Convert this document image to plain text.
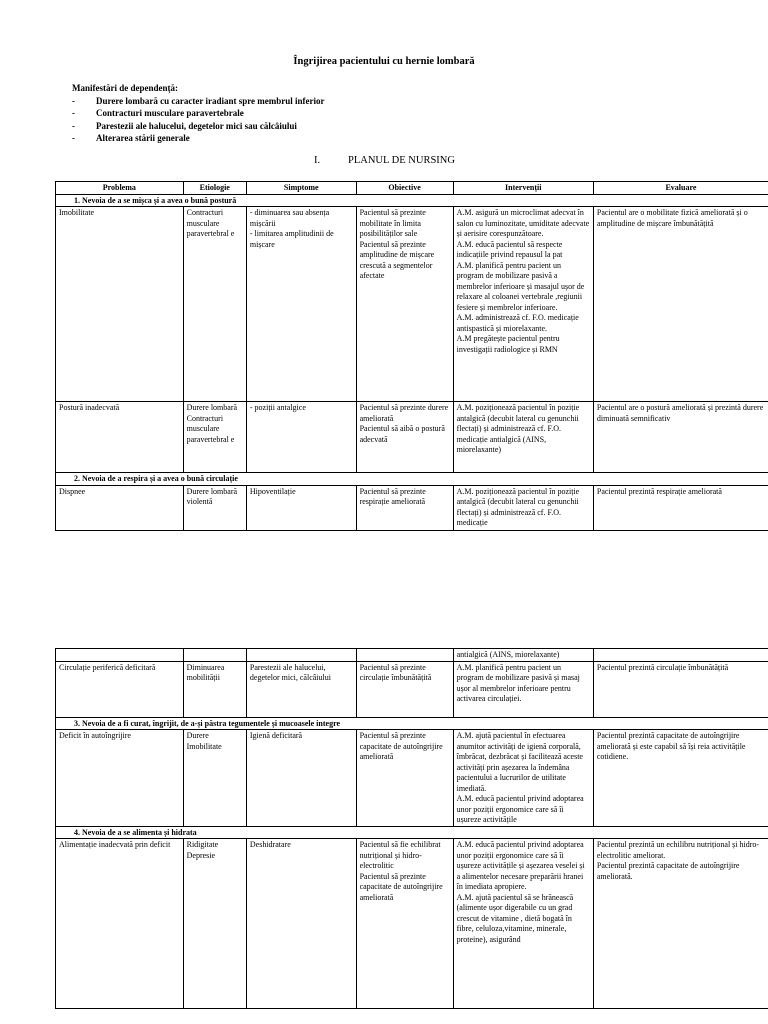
Îngrijirea pacientului cu hernie lombară
Manifestări de dependență:
-	Durere lombară cu caracter iradiant spre membrul inferior
-	Contracturi musculare paravertebrale
-	Parestezii ale halucelui, degetelor mici sau călcâiului
-	Alterarea stării generale
I.	PLANUL DE NURSING
Problema	Etiologie	Simptome	Obiective	Intervenții	Evaluare
1. Nevoia de a se mișca și a avea o bună postură					

Imobilitate	Contracturi musculare paravertebral e	- diminuarea sau absența mișcării
- limitarea amplitudinii de mișcare	Pacientul să prezinte mobilitate în limita posibilităților sale
Pacientul să prezinte amplitudine de mișcare crescută a segmentelor afectate	A.M. asigură un microclimat adecvat în salon cu luminozitate, umiditate adecvate și aerisire corespunzătoare.
A.M. educă pacientul să respecte indicațiile privind repausul la pat
A.M. planifică pentru pacient un program de mobilizare pasivă a membrelor inferioare și masajul ușor de relaxare al coloanei vertebrale ,regiunii fesiere și membrelor inferioare.
A.M. administrează cf. F.O. medicație antispastică și miorelaxante.
A.M pregătește pacientul pentru investigații radiologice și RMN	Pacientul are o mobilitate fizică ameliorată și o amplitudine de mișcare îmbunătățită

Postură inadecvată	Durere lombară
Contracturi musculare paravertebral e	- poziții antalgice	Pacientul să prezinte durere ameliorată
Pacientul să aibă o postură adecvată	A.M. poziționează pacientul în poziție antalgică (decubit lateral cu genunchii flectați) și administrează cf. F.O. medicație antialgică (AINS, miorelaxante)	Pacientul are o postură ameliorată și prezintă durere diminuată semnificativ

2. Nevoia de a respira și a avea o bună circulație					

Dispnee	Durere lombară violentă	Hipoventilație	Pacientul să prezinte respirație ameliorată	A.M. poziționează pacientul în poziție antalgică (decubit lateral cu genunchii flectați) și administrează cf. F.O. medicație	Pacientul prezintă respirație ameliorată
				antialgică (AINS, miorelaxante)	

Circulație periferică deficitară	Diminuarea mobilității	Parestezii ale halucelui, degetelor mici, călcâiului	Pacientul să prezinte circulație îmbunătățită	A.M. planifică pentru pacient un program de mobilizare pasivă și masaj ușor al membrelor inferioare pentru activarea circulației.	Pacientul prezintă circulație îmbunătățită

3. Nevoia de a fi curat, îngrijit, de a-și păstra tegumentele și mucoasele integre					

Deficit în autoîngrijire	Durere
Imobilitate	Igienă deficitară	Pacientul să prezinte capacitate de autoîngrijire ameliorată	A.M. ajută pacientul în efectuarea anumitor activități de igienă corporală, îmbrăcat, dezbrăcat și facilitează aceste activități prin așezarea la îndemâna pacientului a lucrurilor de utilitate imediată.
A.M. educă pacientul privind adoptarea unor poziții ergonomice care să îi ușureze activitățile	Pacientul prezintă capacitate de autoîngrijire ameliorată și este capabil să își reia activitățile cotidiene.

4. Nevoia de a se alimenta și hidrata					

Alimentație inadecvată prin deficit	Ridigitate
Depresie	Deshidratare	Pacientul să fie echilibrat nutrițional și hidro-electrolitic
Pacientul să prezinte capacitate de autoîngrijire ameliorată	A.M. educă pacientul privind adoptarea unor poziții ergonomice care să îi ușureze activitățile și așezarea veselei și a alimentelor necesare preparării hranei în imediata apropiere.
A.M. ajută pacientul să se hrănească (alimente ușor digerabile cu un grad crescut de vitamine , dietă bogată în fibre, celuloza,vitamine, minerale, proteine), asigurând	Pacientul prezintă un echilibru nutrițional și hidro-electrolitic ameliorat.
Pacientul prezintă capacitate de autoîngrijire ameliorată.
